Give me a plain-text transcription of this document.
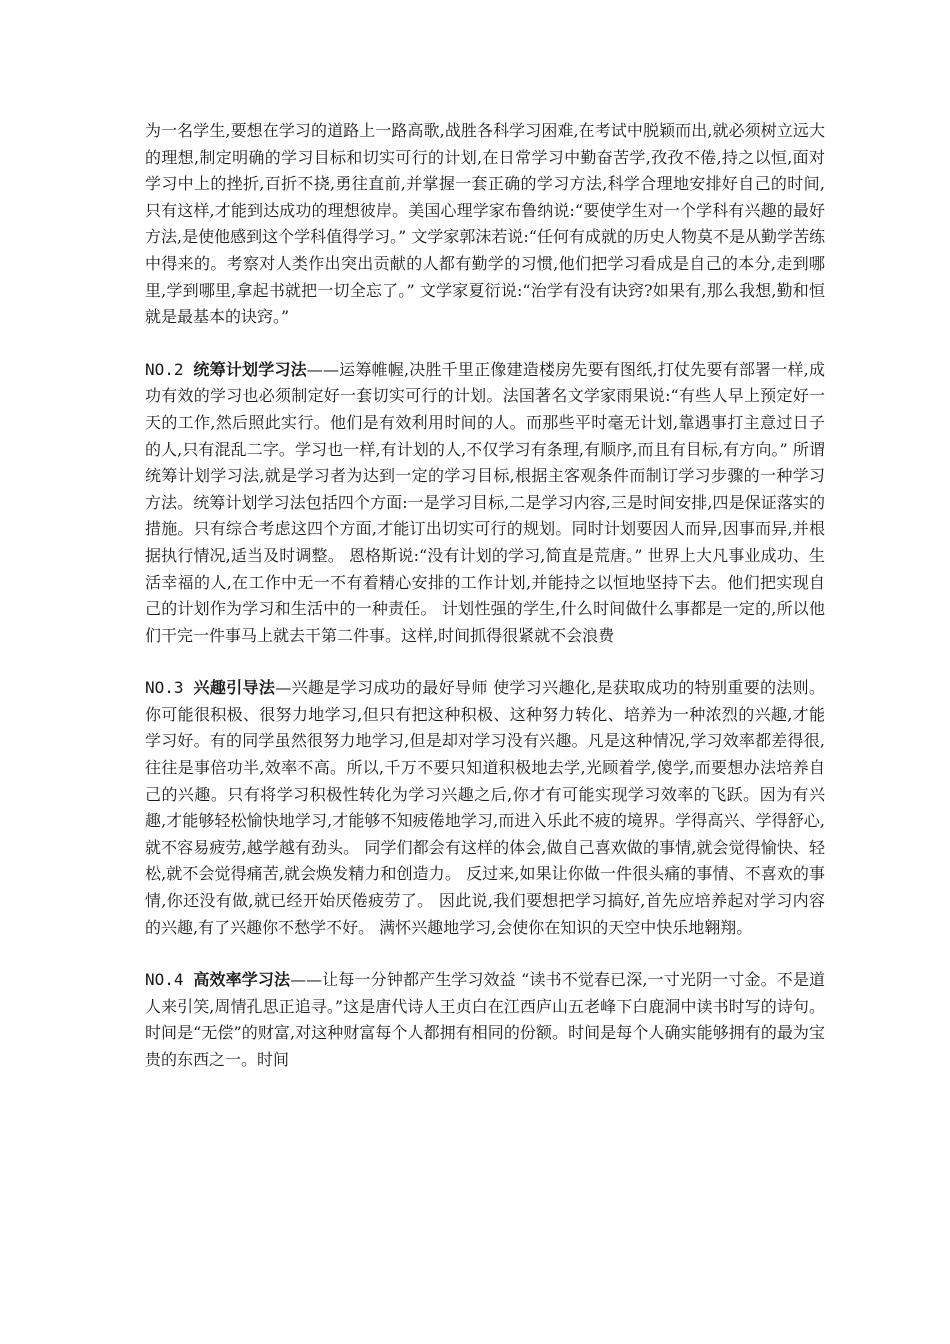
为一名学生,要想在学习的道路上一路高歌,战胜各科学习困难,在考试中脱颖而出,就必须树立远大的理想,制定明确的学习目标和切实可行的计划,在日常学习中勤奋苦学,孜孜不倦,持之以恒,面对学习中上的挫折,百折不挠,勇往直前,并掌握一套正确的学习方法,科学合理地安排好自己的时间,只有这样,才能到达成功的理想彼岸。美国心理学家布鲁纳说:“要使学生对一个学科有兴趣的最好方法,是使他感到这个学科值得学习。” 文学家郭沫若说:“任何有成就的历史人物莫不是从勤学苦练中得来的。考察对人类作出突出贡献的人都有勤学的习惯,他们把学习看成是自己的本分,走到哪里,学到哪里,拿起书就把一切全忘了。” 文学家夏衍说:“治学有没有诀窍?如果有,那么我想,勤和恒就是最基本的诀窍。”

NO.2 统筹计划学习法——运筹帷幄,决胜千里正像建造楼房先要有图纸,打仗先要有部署一样,成功有效的学习也必须制定好一套切实可行的计划。法国著名文学家雨果说:“有些人早上预定好一天的工作,然后照此实行。他们是有效利用时间的人。而那些平时毫无计划,靠遇事打主意过日子的人,只有混乱二字。学习也一样,有计划的人,不仅学习有条理,有顺序,而且有目标,有方向。” 所谓统筹计划学习法,就是学习者为达到一定的学习目标,根据主客观条件而制订学习步骤的一种学习方法。统筹计划学习法包括四个方面:一是学习目标,二是学习内容,三是时间安排,四是保证落实的措施。只有综合考虑这四个方面,才能订出切实可行的规划。同时计划要因人而异,因事而异,并根据执行情况,适当及时调整。 恩格斯说:“没有计划的学习,简直是荒唐。” 世界上大凡事业成功、生活幸福的人,在工作中无一不有着精心安排的工作计划,并能持之以恒地坚持下去。他们把实现自己的计划作为学习和生活中的一种责任。 计划性强的学生,什么时间做什么事都是一定的,所以他们干完一件事马上就去干第二件事。这样,时间抓得很紧就不会浪费

NO.3 兴趣引导法—兴趣是学习成功的最好导师 使学习兴趣化,是获取成功的特别重要的法则。 你可能很积极、很努力地学习,但只有把这种积极、这种努力转化、培养为一种浓烈的兴趣,才能学习好。有的同学虽然很努力地学习,但是却对学习没有兴趣。凡是这种情况,学习效率都差得很,往往是事倍功半,效率不高。所以,千万不要只知道积极地去学,光顾着学,傻学,而要想办法培养自己的兴趣。只有将学习积极性转化为学习兴趣之后,你才有可能实现学习效率的飞跃。因为有兴趣,才能够轻松愉快地学习,才能够不知疲倦地学习,而进入乐此不疲的境界。学得高兴、学得舒心,就不容易疲劳,越学越有劲头。 同学们都会有这样的体会,做自己喜欢做的事情,就会觉得愉快、轻松,就不会觉得痛苦,就会焕发精力和创造力。 反过来,如果让你做一件很头痛的事情、不喜欢的事情,你还没有做,就已经开始厌倦疲劳了。 因此说,我们要想把学习搞好,首先应培养起对学习内容的兴趣,有了兴趣你不愁学不好。 满怀兴趣地学习,会使你在知识的天空中快乐地翱翔。

NO.4 高效率学习法——让每一分钟都产生学习效益 “读书不觉春已深,一寸光阴一寸金。不是道人来引笑,周情孔思正追寻。”这是唐代诗人王贞白在江西庐山五老峰下白鹿洞中读书时写的诗句。时间是“无偿”的财富,对这种财富每个人都拥有相同的份额。时间是每个人确实能够拥有的最为宝贵的东西之一。时间
